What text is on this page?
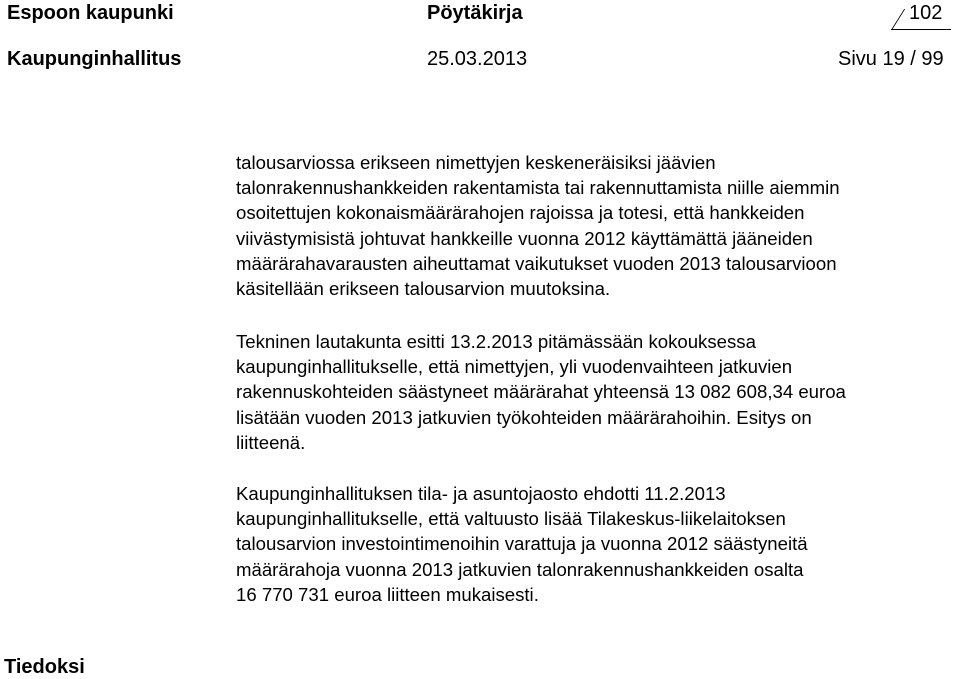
Espoon kaupunki	Pöytäkirja	102
Kaupunginhallitus	25.03.2013	Sivu 19 / 99
talousarviossa erikseen nimettyjen keskeneräisiksi jäävien
talonrakennushankkeiden rakentamista tai rakennuttamista niille aiemmin
osoitettujen kokonaismäärärahojen rajoissa ja totesi, että hankkeiden
viivästymisistä johtuvat hankkeille vuonna 2012 käyttämättä jääneiden
määrärahavarausten aiheuttamat vaikutukset vuoden 2013 talousarvioon
käsitellään erikseen talousarvion muutoksina.
Tekninen lautakunta esitti 13.2.2013 pitämässään kokouksessa
kaupunginhallitukselle, että nimettyjen, yli vuodenvaihteen jatkuvien
rakennuskohteiden säästyneet määrärahat yhteensä 13 082 608,34 euroa
lisätään vuoden 2013 jatkuvien työkohteiden määrärahoihin. Esitys on
liitteenä.
Kaupunginhallituksen tila- ja asuntojaosto ehdotti 11.2.2013
kaupunginhallitukselle, että valtuusto lisää Tilakeskus-liikelaitoksen
talousarvion investointimenoihin varattuja ja vuonna 2012 säästyneitä
määrärahoja vuonna 2013 jatkuvien talonrakennushankkeiden osalta
16 770 731 euroa liitteen mukaisesti.
Tiedoksi
